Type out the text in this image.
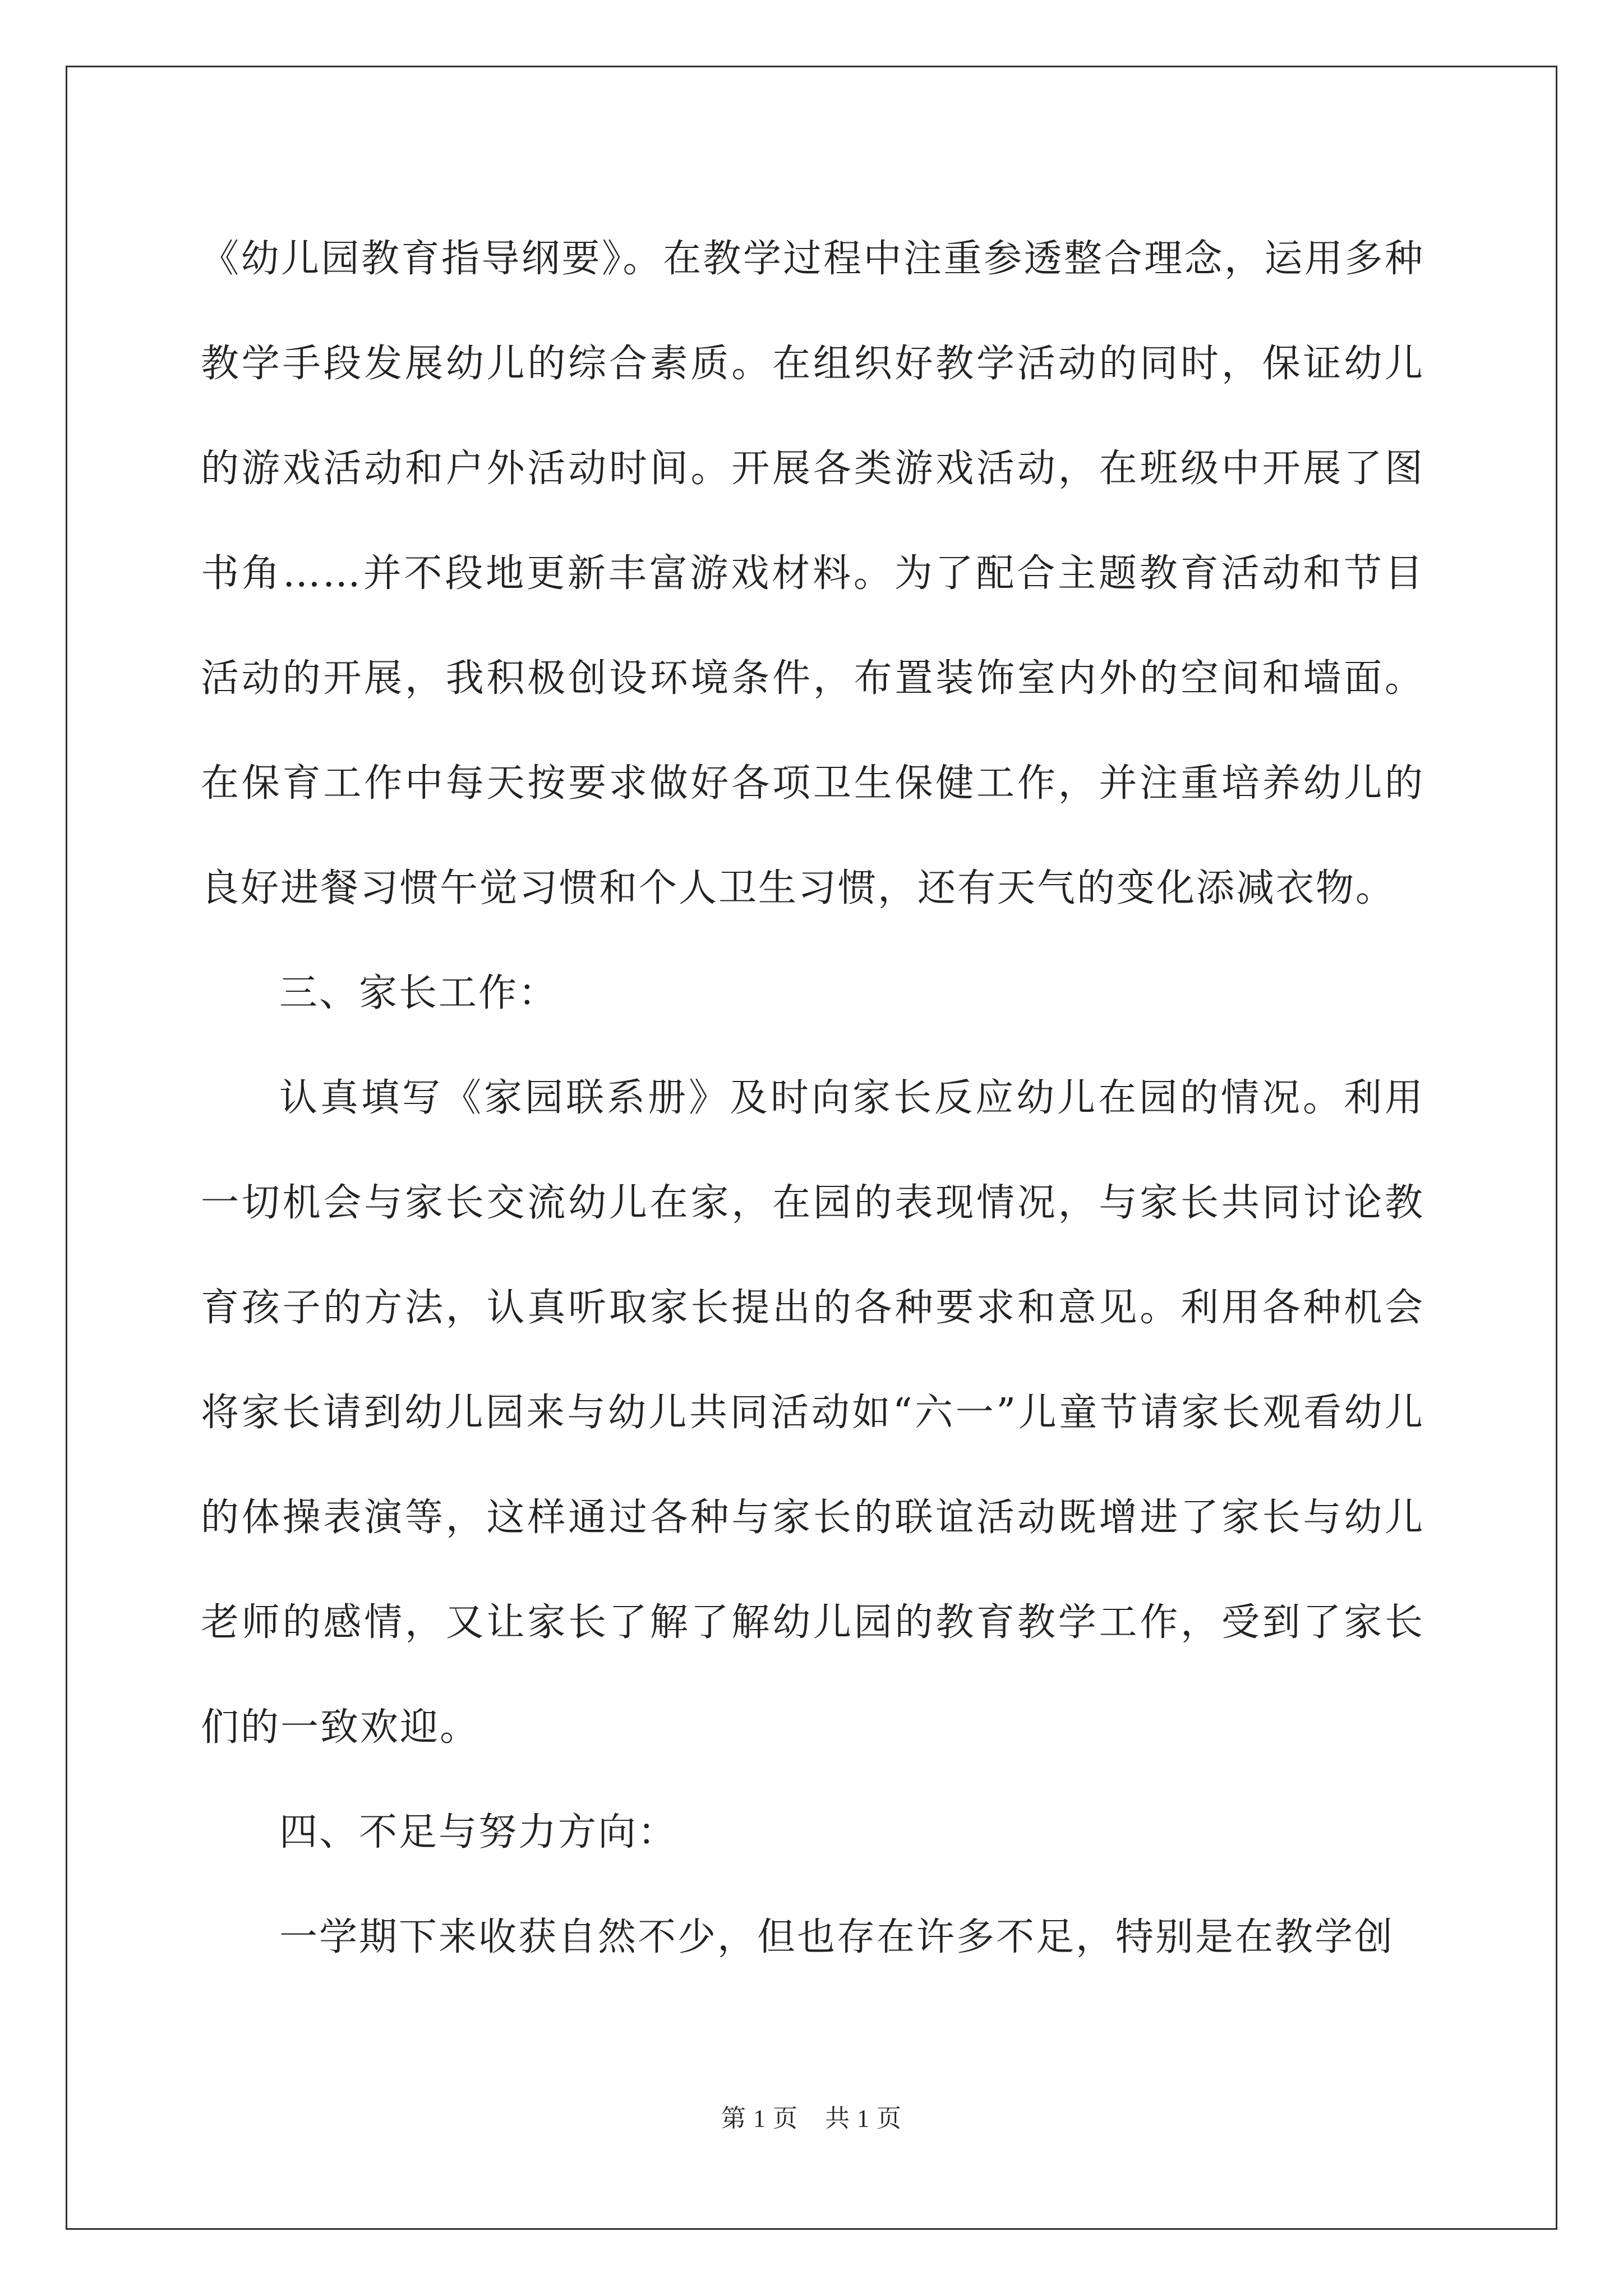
《幼儿园教育指导纲要》。在教学过程中注重参透整合理念，运用多种教学手段发展幼儿的综合素质。在组织好教学活动的同时，保证幼儿的游戏活动和户外活动时间。开展各类游戏活动，在班级中开展了图书角……并不段地更新丰富游戏材料。为了配合主题教育活动和节目活动的开展，我积极创设环境条件，布置装饰室内外的空间和墙面。在保育工作中每天按要求做好各项卫生保健工作，并注重培养幼儿的良好进餐习惯午觉习惯和个人卫生习惯，还有天气的变化添减衣物。

三、家长工作：

认真填写《家园联系册》及时向家长反应幼儿在园的情况。利用一切机会与家长交流幼儿在家，在园的表现情况，与家长共同讨论教育孩子的方法，认真听取家长提出的各种要求和意见。利用各种机会将家长请到幼儿园来与幼儿共同活动如“六一”儿童节请家长观看幼儿的体操表演等，这样通过各种与家长的联谊活动既增进了家长与幼儿老师的感情，又让家长了解了解幼儿园的教育教学工作，受到了家长们的一致欢迎。

四、不足与努力方向：

一学期下来收获自然不少，但也存在许多不足，特别是在教学创

第 1 页 共 1 页
